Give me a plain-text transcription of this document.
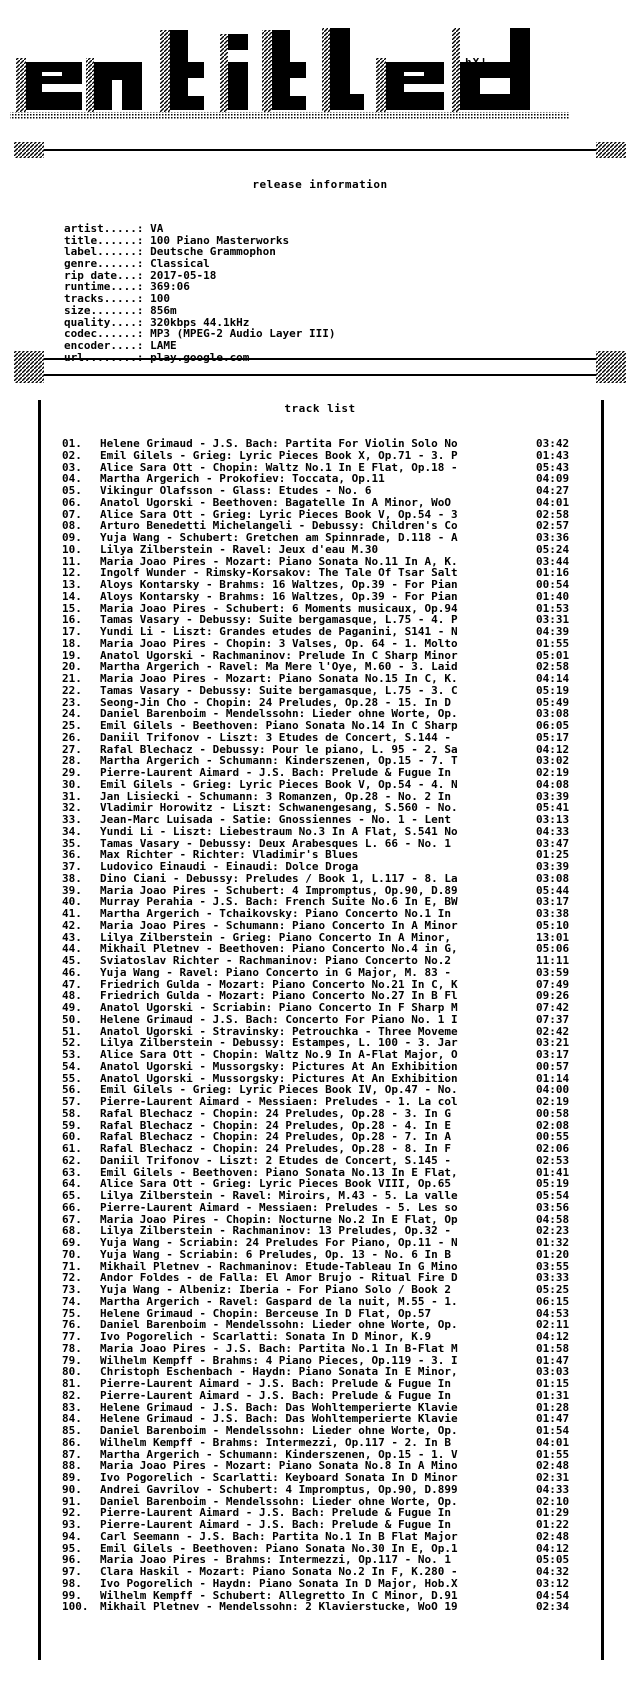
hX!
release information
artist.....: VA
title......: 100 Piano Masterworks
label......: Deutsche Grammophon
genre......: Classical
rip date...: 2017-05-18
runtime....: 369:06
tracks.....: 100
size.......: 856m
quality....: 320kbps 44.1kHz
codec......: MP3 (MPEG-2 Audio Layer III)
encoder....: LAME
url........: play.google.com
track list
01. Helene Grimaud - J.S. Bach: Partita For Violin Solo No	03:42
02. Emil Gilels - Grieg: Lyric Pieces Book X, Op.71 - 3. P	01:43
03. Alice Sara Ott - Chopin: Waltz No.1 In E Flat, Op.18 -	05:43
04. Martha Argerich - Prokofiev: Toccata, Op.11	04:09
05. Vikingur Olafsson - Glass: Etudes - No. 6	04:27
06. Anatol Ugorski - Beethoven: Bagatelle In A Minor, WoO	04:01
07. Alice Sara Ott - Grieg: Lyric Pieces Book V, Op.54 - 3	02:58
08. Arturo Benedetti Michelangeli - Debussy: Children's Co	02:57
09. Yuja Wang - Schubert: Gretchen am Spinnrade, D.118 - A	03:36
10. Lilya Zilberstein - Ravel: Jeux d'eau M.30	05:24
11. Maria Joao Pires - Mozart: Piano Sonata No.11 In A, K.	03:44
12. Ingolf Wunder - Rimsky-Korsakov: The Tale Of Tsar Salt	01:16
13. Aloys Kontarsky - Brahms: 16 Waltzes, Op.39 - For Pian	00:54
14. Aloys Kontarsky - Brahms: 16 Waltzes, Op.39 - For Pian	01:40
15. Maria Joao Pires - Schubert: 6 Moments musicaux, Op.94	01:53
16. Tamas Vasary - Debussy: Suite bergamasque, L.75 - 4. P	03:31
17. Yundi Li - Liszt: Grandes etudes de Paganini, S141 - N	04:39
18. Maria Joao Pires - Chopin: 3 Valses, Op. 64 - 1. Molto	01:55
19. Anatol Ugorski - Rachmaninov: Prelude In C Sharp Minor	05:01
20. Martha Argerich - Ravel: Ma Mere l'Oye, M.60 - 3. Laid	02:58
21. Maria Joao Pires - Mozart: Piano Sonata No.15 In C, K.	04:14
22. Tamas Vasary - Debussy: Suite bergamasque, L.75 - 3. C	05:19
23. Seong-Jin Cho - Chopin: 24 Preludes, Op.28 - 15. In D	05:49
24. Daniel Barenboim - Mendelssohn: Lieder ohne Worte, Op.	03:08
25. Emil Gilels - Beethoven: Piano Sonata No.14 In C Sharp	06:05
26. Daniil Trifonov - Liszt: 3 Etudes de Concert, S.144 -	05:17
27. Rafal Blechacz - Debussy: Pour le piano, L. 95 - 2. Sa	04:12
28. Martha Argerich - Schumann: Kinderszenen, Op.15 - 7. T	03:02
29. Pierre-Laurent Aimard - J.S. Bach: Prelude & Fugue In	02:19
30. Emil Gilels - Grieg: Lyric Pieces Book V, Op.54 - 4. N	04:08
31. Jan Lisiecki - Schumann: 3 Romanzen, Op.28 - No. 2 In	03:39
32. Vladimir Horowitz - Liszt: Schwanengesang, S.560 - No.	05:41
33. Jean-Marc Luisada - Satie: Gnossiennes - No. 1 - Lent	03:13
34. Yundi Li - Liszt: Liebestraum No.3 In A Flat, S.541 No	04:33
35. Tamas Vasary - Debussy: Deux Arabesques L. 66 - No. 1	03:47
36. Max Richter - Richter: Vladimir's Blues	01:25
37. Ludovico Einaudi - Einaudi: Dolce Droga	03:39
38. Dino Ciani - Debussy: Preludes / Book 1, L.117 - 8. La	03:08
39. Maria Joao Pires - Schubert: 4 Impromptus, Op.90, D.89	05:44
40. Murray Perahia - J.S. Bach: French Suite No.6 In E, BW	03:17
41. Martha Argerich - Tchaikovsky: Piano Concerto No.1 In	03:38
42. Maria Joao Pires - Schumann: Piano Concerto In A Minor	05:10
43. Lilya Zilberstein - Grieg: Piano Concerto In A Minor,	13:01
44. Mikhail Pletnev - Beethoven: Piano Concerto No.4 in G,	05:06
45. Sviatoslav Richter - Rachmaninov: Piano Concerto No.2	11:11
46. Yuja Wang - Ravel: Piano Concerto in G Major, M. 83 -	03:59
47. Friedrich Gulda - Mozart: Piano Concerto No.21 In C, K	07:49
48. Friedrich Gulda - Mozart: Piano Concerto No.27 In B Fl	09:26
49. Anatol Ugorski - Scriabin: Piano Concerto In F Sharp M	07:42
50. Helene Grimaud - J.S. Bach: Concerto For Piano No. 1 I	07:37
51. Anatol Ugorski - Stravinsky: Petrouchka - Three Moveme	02:42
52. Lilya Zilberstein - Debussy: Estampes, L. 100 - 3. Jar	03:21
53. Alice Sara Ott - Chopin: Waltz No.9 In A-Flat Major, O	03:17
54. Anatol Ugorski - Mussorgsky: Pictures At An Exhibition	00:57
55. Anatol Ugorski - Mussorgsky: Pictures At An Exhibition	01:14
56. Emil Gilels - Grieg: Lyric Pieces Book IV, Op.47 - No.	04:00
57. Pierre-Laurent Aimard - Messiaen: Preludes - 1. La col	02:19
58. Rafal Blechacz - Chopin: 24 Preludes, Op.28 - 3. In G	00:58
59. Rafal Blechacz - Chopin: 24 Preludes, Op.28 - 4. In E	02:08
60. Rafal Blechacz - Chopin: 24 Preludes, Op.28 - 7. In A	00:55
61. Rafal Blechacz - Chopin: 24 Preludes, Op.28 - 8. In F	02:06
62. Daniil Trifonov - Liszt: 2 Etudes de Concert, S.145 -	02:53
63. Emil Gilels - Beethoven: Piano Sonata No.13 In E Flat,	01:41
64. Alice Sara Ott - Grieg: Lyric Pieces Book VIII, Op.65	05:19
65. Lilya Zilberstein - Ravel: Miroirs, M.43 - 5. La valle	05:54
66. Pierre-Laurent Aimard - Messiaen: Preludes - 5. Les so	03:56
67. Maria Joao Pires - Chopin: Nocturne No.2 In E Flat, Op	04:58
68. Lilya Zilberstein - Rachmaninov: 13 Preludes, Op.32 -	02:23
69. Yuja Wang - Scriabin: 24 Preludes For Piano, Op.11 - N	01:32
70. Yuja Wang - Scriabin: 6 Preludes, Op. 13 - No. 6 In B	01:20
71. Mikhail Pletnev - Rachmaninov: Etude-Tableau In G Mino	03:55
72. Andor Foldes - de Falla: El Amor Brujo - Ritual Fire D	03:33
73. Yuja Wang - Albeniz: Iberia - For Piano Solo / Book 2	05:25
74. Martha Argerich - Ravel: Gaspard de la nuit, M.55 - 1.	06:15
75. Helene Grimaud - Chopin: Berceuse In D Flat, Op.57	04:53
76. Daniel Barenboim - Mendelssohn: Lieder ohne Worte, Op.	02:11
77. Ivo Pogorelich - Scarlatti: Sonata In D Minor, K.9	04:12
78. Maria Joao Pires - J.S. Bach: Partita No.1 In B-Flat M	01:58
79. Wilhelm Kempff - Brahms: 4 Piano Pieces, Op.119 - 3. I	01:47
80. Christoph Eschenbach - Haydn: Piano Sonata In E Minor,	03:03
81. Pierre-Laurent Aimard - J.S. Bach: Prelude & Fugue In	01:15
82. Pierre-Laurent Aimard - J.S. Bach: Prelude & Fugue In	01:31
83. Helene Grimaud - J.S. Bach: Das Wohltemperierte Klavie	01:28
84. Helene Grimaud - J.S. Bach: Das Wohltemperierte Klavie	01:47
85. Daniel Barenboim - Mendelssohn: Lieder ohne Worte, Op.	01:54
86. Wilhelm Kempff - Brahms: Intermezzi, Op.117 - 2. In B	04:01
87. Martha Argerich - Schumann: Kinderszenen, Op.15 - 1. V	01:55
88. Maria Joao Pires - Mozart: Piano Sonata No.8 In A Mino	02:48
89. Ivo Pogorelich - Scarlatti: Keyboard Sonata In D Minor	02:31
90. Andrei Gavrilov - Schubert: 4 Impromptus, Op.90, D.899	04:33
91. Daniel Barenboim - Mendelssohn: Lieder ohne Worte, Op.	02:10
92. Pierre-Laurent Aimard - J.S. Bach: Prelude & Fugue In	01:29
93. Pierre-Laurent Aimard - J.S. Bach: Prelude & Fugue In	01:22
94. Carl Seemann - J.S. Bach: Partita No.1 In B Flat Major	02:48
95. Emil Gilels - Beethoven: Piano Sonata No.30 In E, Op.1	04:12
96. Maria Joao Pires - Brahms: Intermezzi, Op.117 - No. 1	05:05
97. Clara Haskil - Mozart: Piano Sonata No.2 In F, K.280 -	04:32
98. Ivo Pogorelich - Haydn: Piano Sonata In D Major, Hob.X	03:12
99. Wilhelm Kempff - Schubert: Allegretto In C Minor, D.91	04:54
100. Mikhail Pletnev - Mendelssohn: 2 Klavierstucke, WoO 19	02:34
